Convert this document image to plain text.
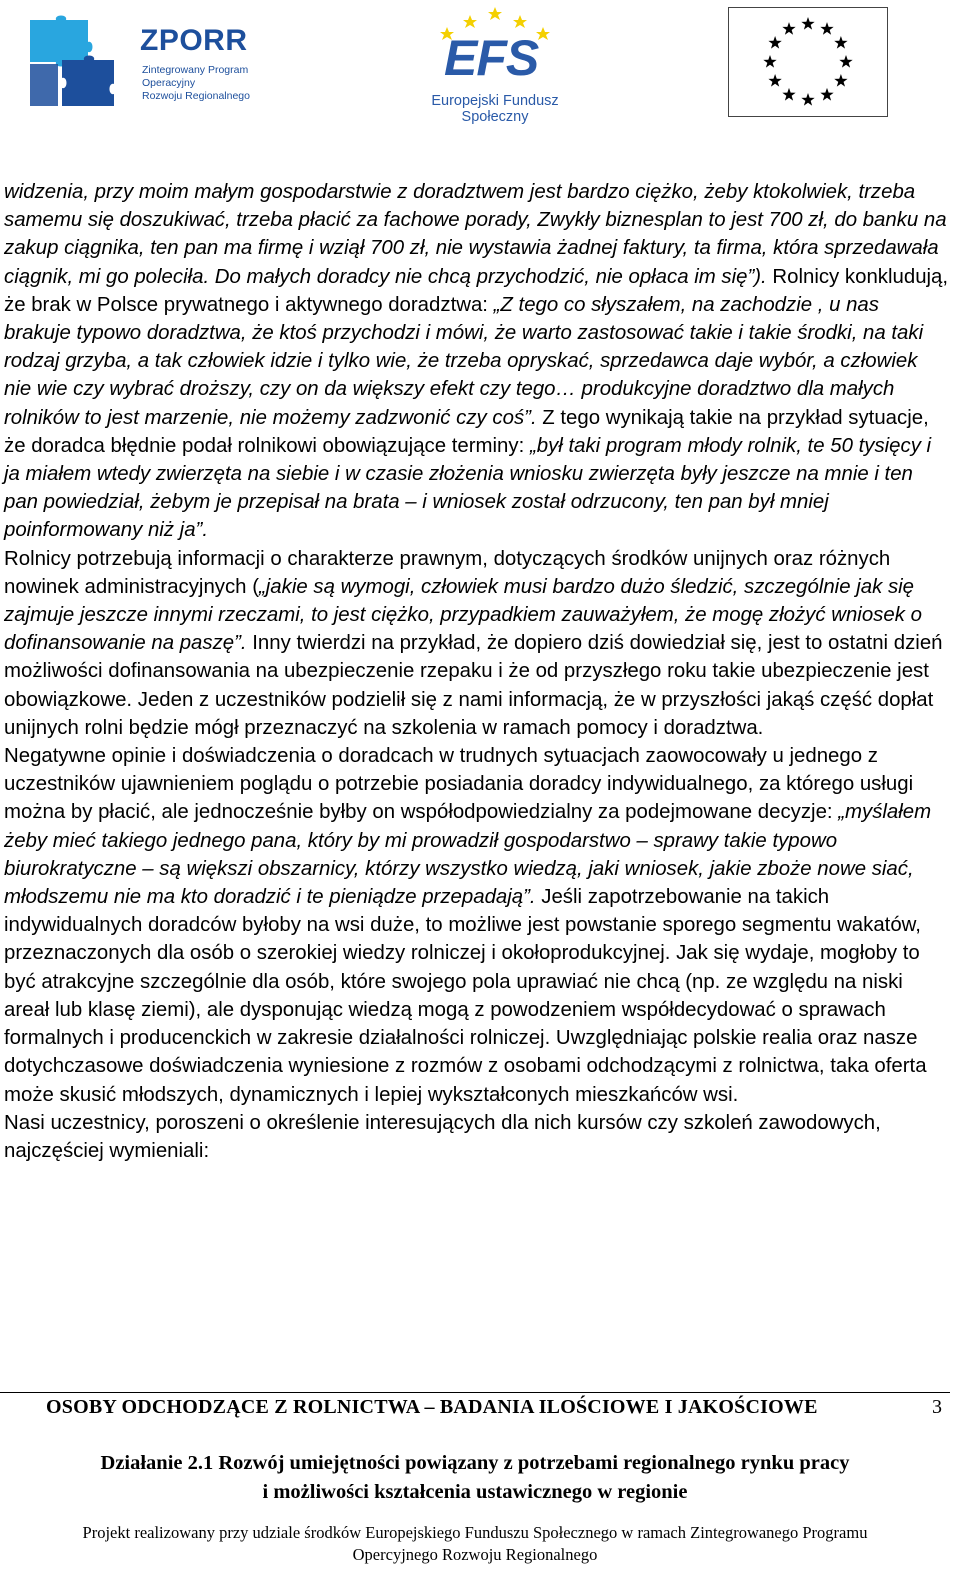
ZPORR
Zintegrowany Program
Operacyjny
Rozwoju Regionalnego
EFS
Europejski Fundusz Społeczny

widzenia, przy moim małym gospodarstwie z doradztwem jest bardzo ciężko, żeby ktokolwiek, trzeba samemu się doszukiwać, trzeba płacić za fachowe porady, Zwykły biznesplan to jest 700 zł, do banku na zakup ciągnika, ten pan ma firmę i wziął 700 zł, nie wystawia żadnej faktury, ta firma, która sprzedawała ciągnik, mi go poleciła. Do małych doradcy nie chcą przychodzić, nie opłaca im się”). Rolnicy konkludują, że brak w Polsce prywatnego i aktywnego doradztwa: „Z tego co słyszałem, na zachodzie , u nas brakuje typowo doradztwa, że ktoś przychodzi i mówi, że warto zastosować takie i takie środki, na taki rodzaj grzyba, a tak człowiek idzie i tylko wie, że trzeba opryskać, sprzedawca daje wybór, a człowiek nie wie czy wybrać droższy, czy on da większy efekt czy tego… produkcyjne doradztwo dla małych rolników to jest marzenie, nie możemy zadzwonić czy coś”. Z tego wynikają takie na przykład sytuacje, że doradca błędnie podał rolnikowi obowiązujące terminy: „był taki program młody rolnik, te 50 tysięcy i ja miałem wtedy zwierzęta na siebie i w czasie złożenia wniosku zwierzęta były jeszcze na mnie i ten pan powiedział, żebym je przepisał na brata – i wniosek został odrzucony, ten pan był mniej poinformowany niż ja”.

Rolnicy potrzebują informacji o charakterze prawnym, dotyczących środków unijnych oraz różnych nowinek administracyjnych („jakie są wymogi, człowiek musi bardzo dużo śledzić, szczególnie jak się zajmuje jeszcze innymi rzeczami, to jest ciężko, przypadkiem zauważyłem, że mogę złożyć wniosek o dofinansowanie na paszę”. Inny twierdzi na przykład, że dopiero dziś dowiedział się, jest to ostatni dzień możliwości dofinansowania na ubezpieczenie rzepaku i że od przyszłego roku takie ubezpieczenie jest obowiązkowe. Jeden z uczestników podzielił się z nami informacją, że w przyszłości jakąś część dopłat unijnych rolni będzie mógł przeznaczyć na szkolenia w ramach pomocy i doradztwa.

Negatywne opinie i doświadczenia o doradcach w trudnych sytuacjach zaowocowały u jednego z uczestników ujawnieniem poglądu o potrzebie posiadania doradcy indywidualnego, za którego usługi można by płacić, ale jednocześnie byłby on współodpowiedzialny za podejmowane decyzje: „myślałem żeby mieć takiego jednego pana, który by mi prowadził gospodarstwo – sprawy takie typowo biurokratyczne – są większi obszarnicy, którzy wszystko wiedzą, jaki wniosek, jakie zboże nowe siać, młodszemu nie ma kto doradzić i te pieniądze przepadają”. Jeśli zapotrzebowanie na takich indywidualnych doradców byłoby na wsi duże, to możliwe jest powstanie sporego segmentu wakatów, przeznaczonych dla osób o szerokiej wiedzy rolniczej i okołoprodukcyjnej. Jak się wydaje, mogłoby to być atrakcyjne szczególnie dla osób, które swojego pola uprawiać nie chcą (np. ze względu na niski areał lub klasę ziemi), ale dysponując wiedzą mogą z powodzeniem współdecydować o sprawach formalnych i producenckich w zakresie działalności rolniczej. Uwzględniając polskie realia oraz nasze dotychczasowe doświadczenia wyniesione z rozmów z osobami odchodzącymi z rolnictwa, taka oferta może skusić młodszych, dynamicznych i lepiej wykształconych mieszkańców wsi.

Nasi uczestnicy, poroszeni o określenie interesujących dla nich kursów czy szkoleń zawodowych, najczęściej wymieniali:

OSOBY ODCHODZĄCE Z ROLNICTWA – BADANIA ILOŚCIOWE I JAKOŚCIOWE	3
Działanie 2.1 Rozwój umiejętności powiązany z potrzebami regionalnego rynku pracy
i możliwości kształcenia ustawicznego w regionie
Projekt realizowany przy udziale środków Europejskiego Funduszu Społecznego w ramach Zintegrowanego Programu
Opercyjnego Rozwoju Regionalnego
